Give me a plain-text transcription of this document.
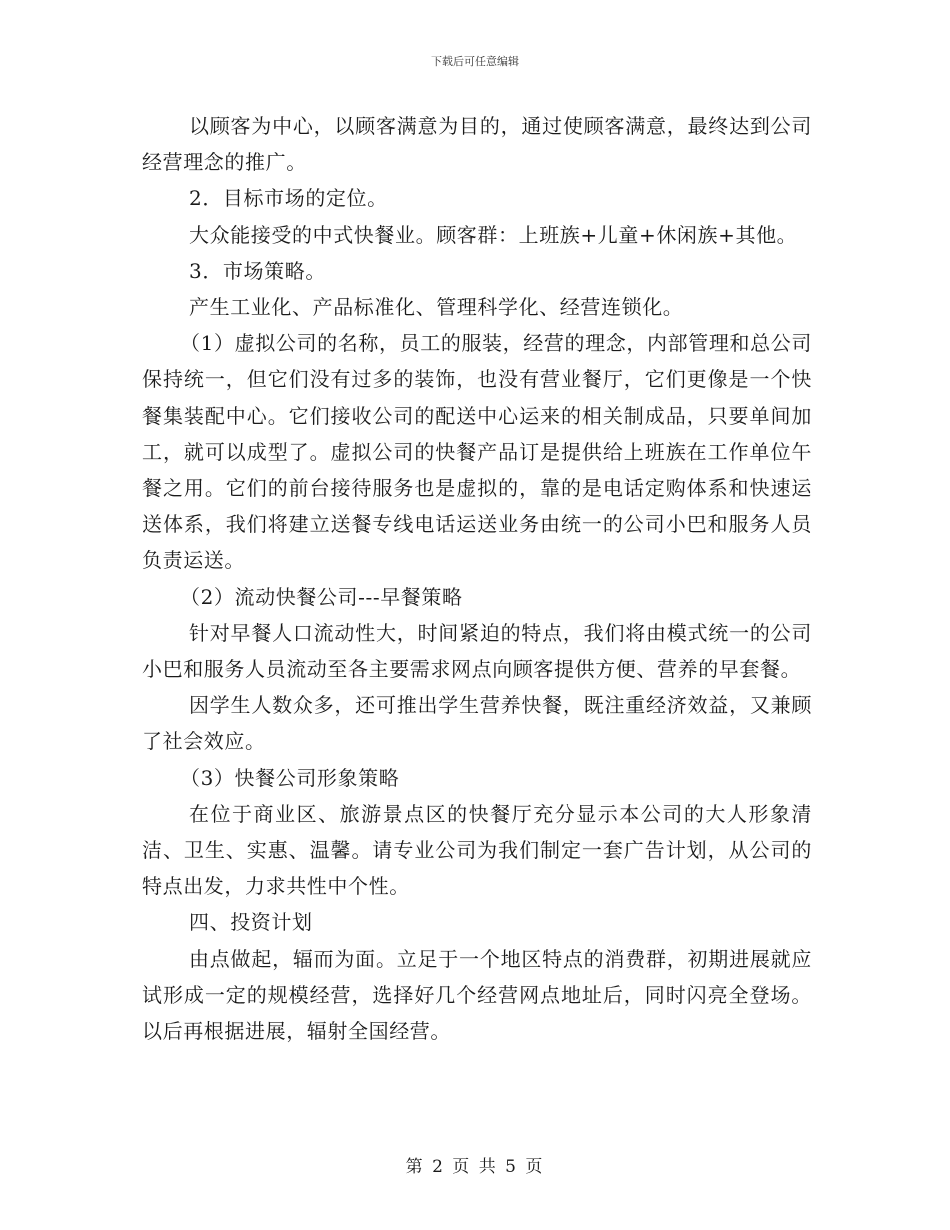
下载后可任意编辑

以顾客为中心，以顾客满意为目的，通过使顾客满意，最终达到公司经营理念的推广。

2．目标市场的定位。

大众能接受的中式快餐业。顾客群：上班族+儿童+休闲族+其他。

3．市场策略。

产生工业化、产品标准化、管理科学化、经营连锁化。

（1）虚拟公司的名称，员工的服装，经营的理念，内部管理和总公司保持统一，但它们没有过多的装饰，也没有营业餐厅，它们更像是一个快餐集装配中心。它们接收公司的配送中心运来的相关制成品，只要单间加工，就可以成型了。虚拟公司的快餐产品订是提供给上班族在工作单位午餐之用。它们的前台接待服务也是虚拟的，靠的是电话定购体系和快速运送体系，我们将建立送餐专线电话运送业务由统一的公司小巴和服务人员负责运送。

（2）流动快餐公司---早餐策略

针对早餐人口流动性大，时间紧迫的特点，我们将由模式统一的公司小巴和服务人员流动至各主要需求网点向顾客提供方便、营养的早套餐。

因学生人数众多，还可推出学生营养快餐，既注重经济效益，又兼顾了社会效应。

（3）快餐公司形象策略

在位于商业区、旅游景点区的快餐厅充分显示本公司的大人形象清洁、卫生、实惠、温馨。请专业公司为我们制定一套广告计划，从公司的特点出发，力求共性中个性。

四、投资计划

由点做起，辐而为面。立足于一个地区特点的消费群，初期进展就应试形成一定的规模经营，选择好几个经营网点地址后，同时闪亮全登场。以后再根据进展，辐射全国经营。

第 2 页 共 5 页
